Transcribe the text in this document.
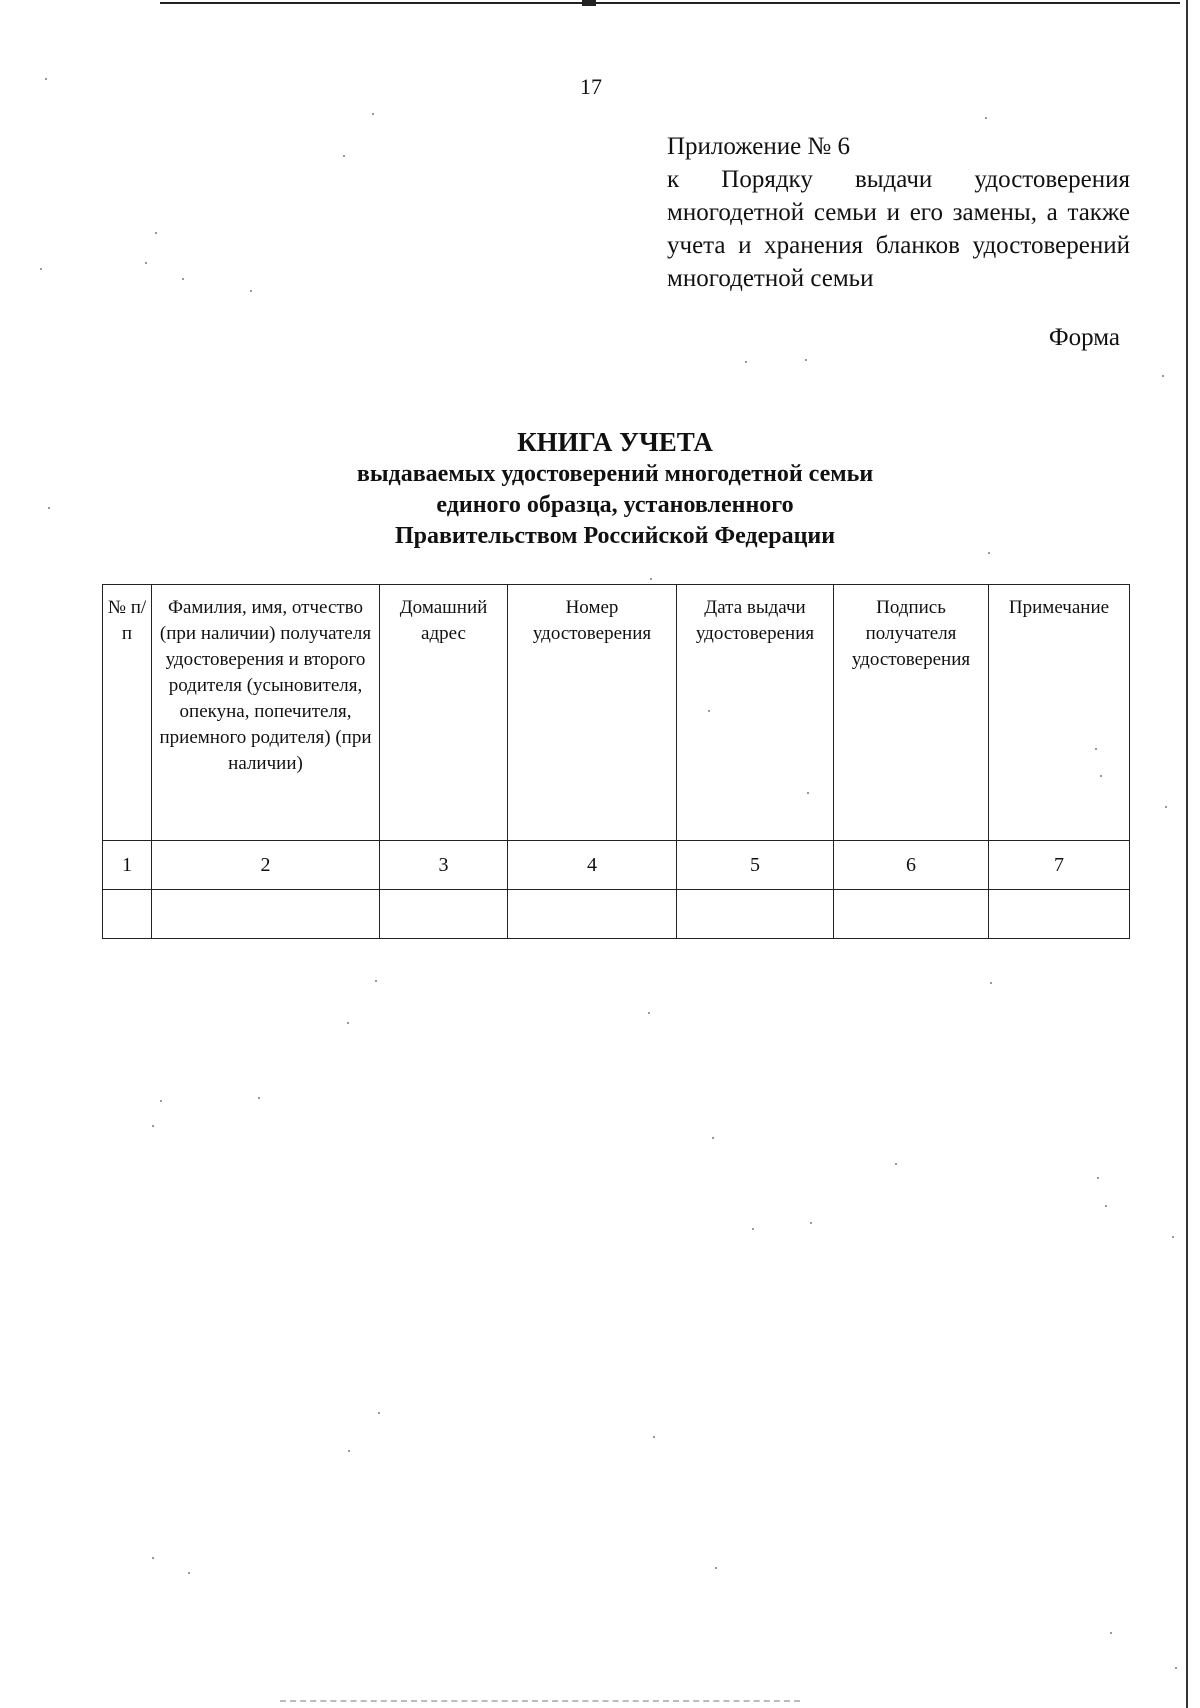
17
Приложение № 6
к Порядку выдачи удостоверения многодетной семьи и его замены, а также учета и хранения бланков удостоверений многодетной семьи
Форма
КНИГА УЧЕТА
выдаваемых удостоверений многодетной семьи
единого образца, установленного
Правительством Российской Федерации
№ п/п	Фамилия, имя, отчество (при наличии) получателя удостоверения и второго родителя (усыновителя, опекуна, попечителя, приемного родителя) (при наличии)	Домашний адрес	Номер удостоверения	Дата выдачи удостоверения	Подпись получателя удостоверения	Примечание
1	2	3	4	5	6	7
